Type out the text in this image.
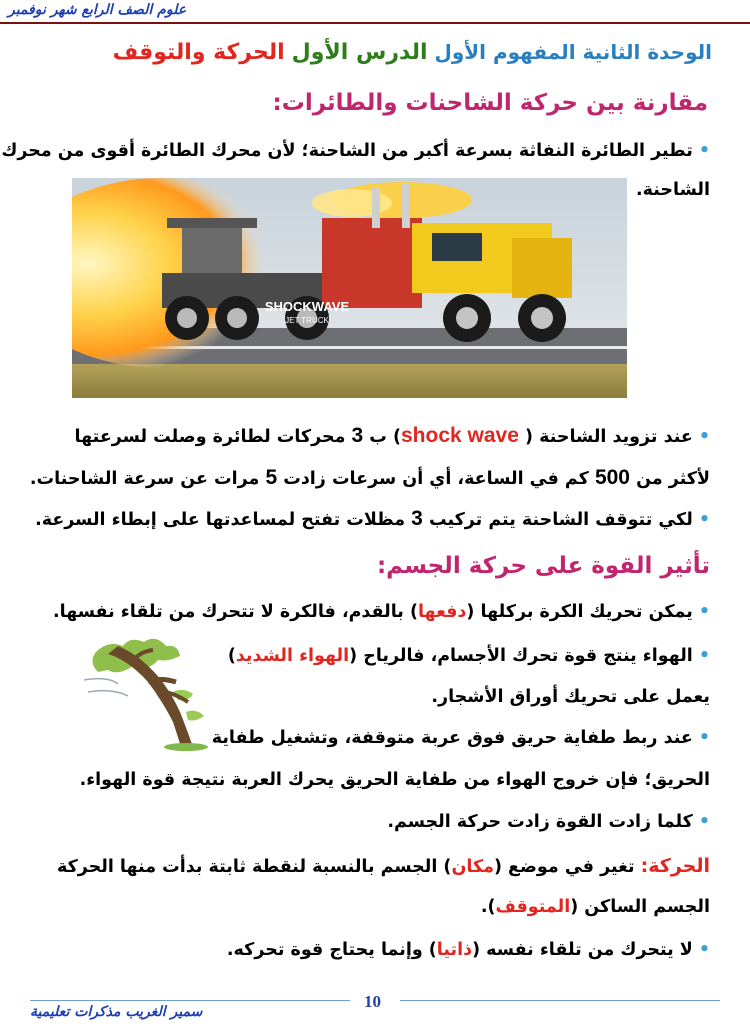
علوم الصف الرابع شهر نوفمبر
الوحدة الثانية المفهوم الأول الدرس الأول الحركة والتوقف
مقارنة بين حركة الشاحنات والطائرات:
•تطير الطائرة النفاثة بسرعة أكبر من الشاحنة؛ لأن محرك الطائرة أقوى من محرك
الشاحنة.
SHOCKWAVE
JET TRUCK
•عند تزويد الشاحنة ( shock wave) ب 3 محركات لطائرة وصلت لسرعتها
لأكثر من 500 كم في الساعة، أي أن سرعات زادت 5 مرات عن سرعة الشاحنات.
•لكي تتوقف الشاحنة يتم تركيب 3 مظلات تفتح لمساعدتها على إبطاء السرعة.
تأثير القوة على حركة الجسم:
•يمكن تحريك الكرة بركلها (دفعها) بالقدم، فالكرة لا تتحرك من تلقاء نفسها.
•الهواء ينتج قوة تحرك الأجسام، فالرياح (الهواء الشديد)
يعمل على تحريك أوراق الأشجار.
•عند ربط طفاية حريق فوق عربة متوقفة، وتشغيل طفاية
الحريق؛ فإن خروج الهواء من طفاية الحريق يحرك العربة نتيجة قوة الهواء.
•كلما زادت القوة زادت حركة الجسم.
الحركة: تغير في موضع (مكان) الجسم بالنسبة لنقطة ثابتة بدأت منها الحركة
الجسم الساكن (المتوقف).
•لا يتحرك من تلقاء نفسه (ذاتيا) وإنما يحتاج قوة تحركه.
10
سمير الغريب مذكرات تعليمية
